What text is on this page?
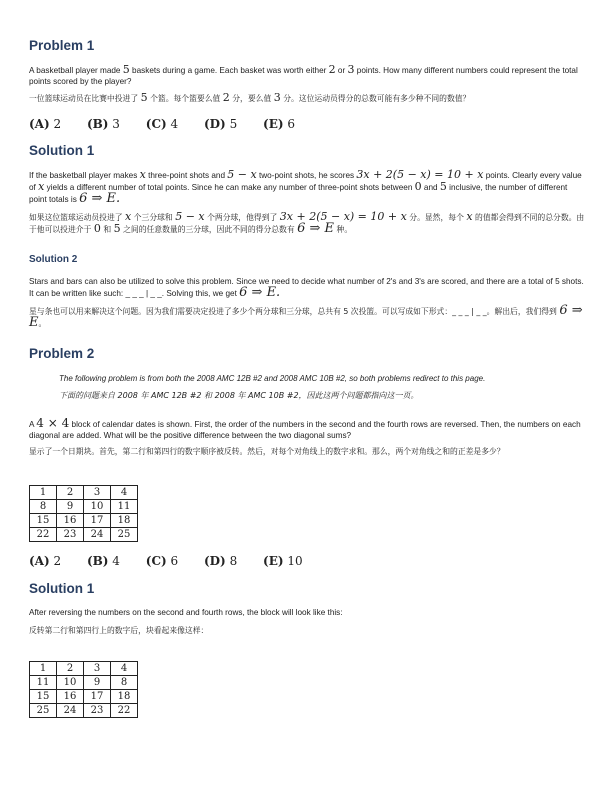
Problem 1
A basketball player made 5 baskets during a game. Each basket was worth either 2 or 3 points. How many different numbers could represent the total points scored by the player?
一位篮球运动员在比赛中投进了 5 个篮。每个篮要么值 2 分，要么值 3 分。这位运动员得分的总数可能有多少种不同的数值？
(A) 2 (B) 3 (C) 4 (D) 5 (E) 6
Solution 1
If the basketball player makes x three-point shots and 5 − x two-point shots, he scores 3x + 2(5 − x) = 10 + x points. Clearly every value of x yields a different number of total points. Since he can make any number of three-point shots between 0 and 5 inclusive, the number of different point totals is 6 ⇒ E.
如果这位篮球运动员投进了 x 个三分球和 5 − x 个两分球，他得到了 3x + 2(5 − x) = 10 + x 分。显然，每个 x 的值都会得到不同的总分数。由于他可以投进介于 0 和 5 之间的任意数量的三分球，因此不同的得分总数有 6 ⇒ E 种。
Solution 2
Stars and bars can also be utilized to solve this problem. Since we need to decide what number of 2's and 3's are scored, and there are a total of 5 shots. It can be written like such: _ _ _ | _ _. Solving this, we get 6 ⇒ E.
星与条也可以用来解决这个问题。因为我们需要决定投进了多少个两分球和三分球，总共有 5 次投篮。可以写成如下形式：_ _ _ | _ _。解出后，我们得到 6 ⇒ E。
Problem 2
The following problem is from both the 2008 AMC 12B #2 and 2008 AMC 10B #2, so both problems redirect to this page.
下面的问题来自 2008 年 AMC 12B #2 和 2008 年 AMC 10B #2，因此这两个问题都指向这一页。
A 4 × 4 block of calendar dates is shown. First, the order of the numbers in the second and the fourth rows are reversed. Then, the numbers on each diagonal are added. What will be the positive difference between the two diagonal sums?
显示了一个日期块。首先，第二行和第四行的数字顺序被反转。然后，对每个对角线上的数字求和。那么，两个对角线之和的正差是多少？
1	2	3	4
8	9	10	11
15	16	17	18
22	23	24	25
(A) 2 (B) 4 (C) 6 (D) 8 (E) 10
Solution 1
After reversing the numbers on the second and fourth rows, the block will look like this:
反转第二行和第四行上的数字后，块看起来像这样：
1	2	3	4
11	10	9	8
15	16	17	18
25	24	23	22
